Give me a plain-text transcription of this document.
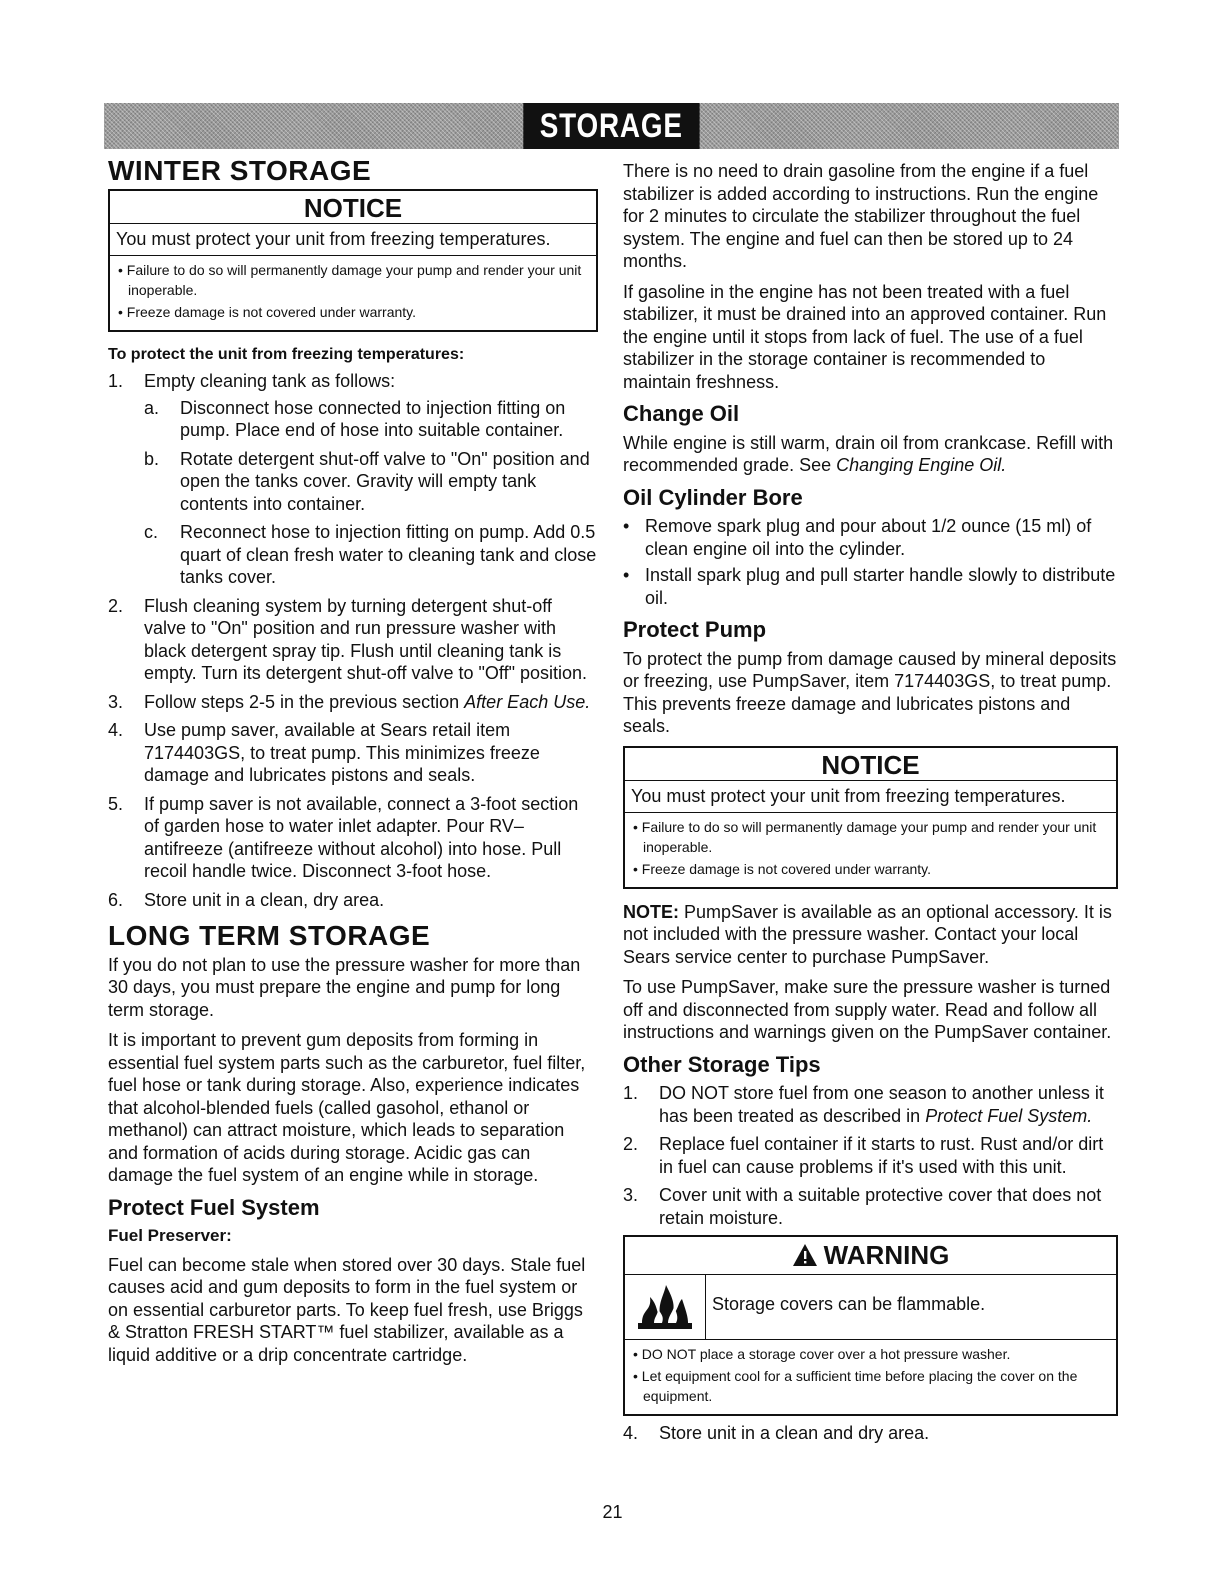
STORAGE
WINTER STORAGE
NOTICE
You must protect your unit from freezing temperatures.
• Failure to do so will permanently damage your pump and render your unit inoperable.
• Freeze damage is not covered under warranty.
To protect the unit from freezing temperatures:
1. Empty cleaning tank as follows:
a. Disconnect hose connected to injection fitting on pump. Place end of hose into suitable container.
b. Rotate detergent shut-off valve to "On" position and open the tanks cover. Gravity will empty tank contents into container.
c. Reconnect hose to injection fitting on pump. Add 0.5 quart of clean fresh water to cleaning tank and close tanks cover.
2. Flush cleaning system by turning detergent shut-off valve to "On" position and run pressure washer with black detergent spray tip. Flush until cleaning tank is empty. Turn its detergent shut-off valve to "Off" position.
3. Follow steps 2-5 in the previous section After Each Use.
4. Use pump saver, available at Sears retail item 7174403GS, to treat pump. This minimizes freeze damage and lubricates pistons and seals.
5. If pump saver is not available, connect a 3-foot section of garden hose to water inlet adapter. Pour RV–antifreeze (antifreeze without alcohol) into hose. Pull recoil handle twice. Disconnect 3-foot hose.
6. Store unit in a clean, dry area.
LONG TERM STORAGE

If you do not plan to use the pressure washer for more than 30 days, you must prepare the engine and pump for long term storage.

It is important to prevent gum deposits from forming in essential fuel system parts such as the carburetor, fuel filter, fuel hose or tank during storage. Also, experience indicates that alcohol-blended fuels (called gasohol, ethanol or methanol) can attract moisture, which leads to separation and formation of acids during storage. Acidic gas can damage the fuel system of an engine while in storage.

Protect Fuel System
Fuel Preserver:

Fuel can become stale when stored over 30 days. Stale fuel causes acid and gum deposits to form in the fuel system or on essential carburetor parts. To keep fuel fresh, use Briggs & Stratton FRESH START™ fuel stabilizer, available as a liquid additive or a drip concentrate cartridge.

There is no need to drain gasoline from the engine if a fuel stabilizer is added according to instructions. Run the engine for 2 minutes to circulate the stabilizer throughout the fuel system. The engine and fuel can then be stored up to 24 months.

If gasoline in the engine has not been treated with a fuel stabilizer, it must be drained into an approved container. Run the engine until it stops from lack of fuel. The use of a fuel stabilizer in the storage container is recommended to maintain freshness.

Change Oil

While engine is still warm, drain oil from crankcase. Refill with recommended grade. See Changing Engine Oil.

Oil Cylinder Bore
• Remove spark plug and pour about 1/2 ounce (15 ml) of clean engine oil into the cylinder.
• Install spark plug and pull starter handle slowly to distribute oil.
Protect Pump

To protect the pump from damage caused by mineral deposits or freezing, use PumpSaver, item 7174403GS, to treat pump. This prevents freeze damage and lubricates pistons and seals.

NOTICE
You must protect your unit from freezing temperatures.
• Failure to do so will permanently damage your pump and render your unit inoperable.
• Freeze damage is not covered under warranty.

NOTE: PumpSaver is available as an optional accessory. It is not included with the pressure washer. Contact your local Sears service center to purchase PumpSaver.

To use PumpSaver, make sure the pressure washer is turned off and disconnected from supply water. Read and follow all instructions and warnings given on the PumpSaver container.

Other Storage Tips
1. DO NOT store fuel from one season to another unless it has been treated as described in Protect Fuel System.
2. Replace fuel container if it starts to rust. Rust and/or dirt in fuel can cause problems if it's used with this unit.
3. Cover unit with a suitable protective cover that does not retain moisture.
WARNING
Storage covers can be flammable.
• DO NOT place a storage cover over a hot pressure washer.
• Let equipment cool for a sufficient time before placing the cover on the equipment.
4. Store unit in a clean and dry area.
21
